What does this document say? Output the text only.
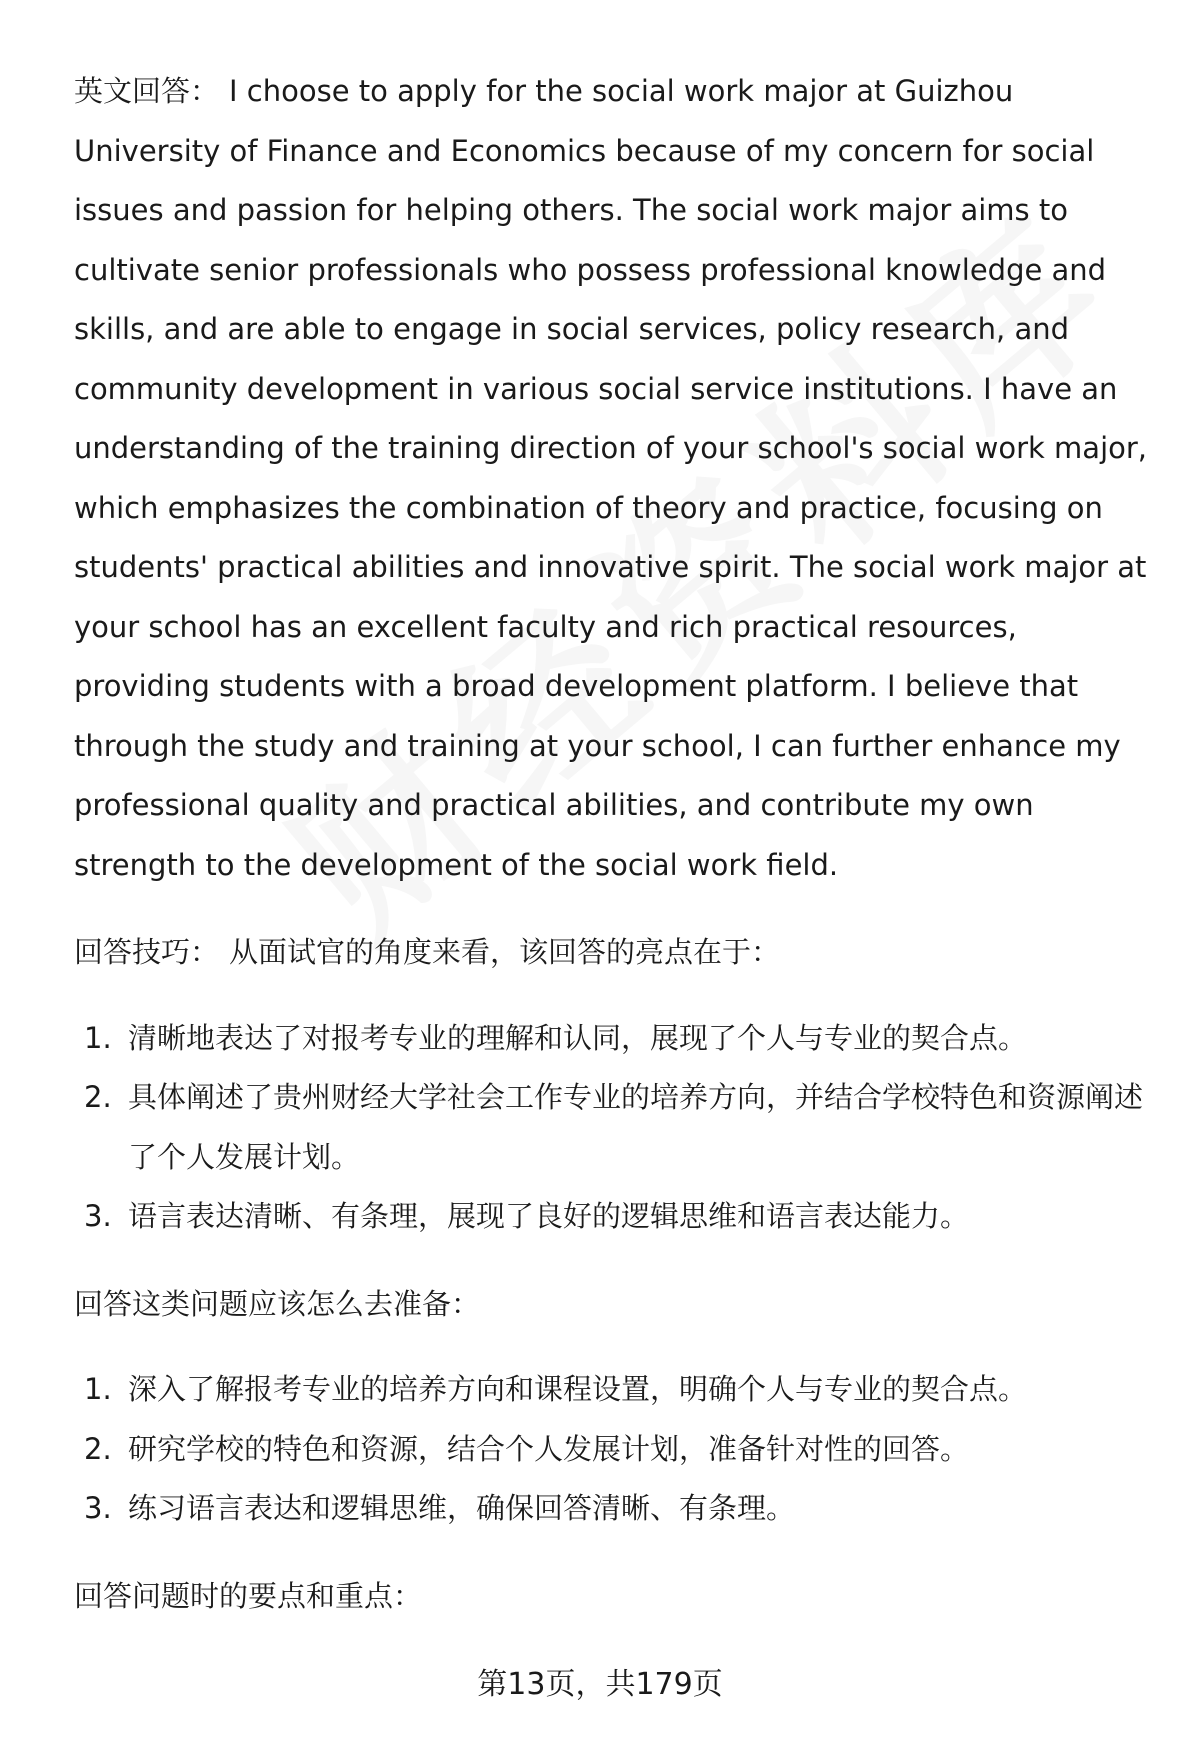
英文回答： I choose to apply for the social work major at Guizhou University of Finance and Economics because of my concern for social issues and passion for helping others. The social work major aims to cultivate senior professionals who possess professional knowledge and skills, and are able to engage in social services, policy research, and community development in various social service institutions. I have an understanding of the training direction of your school's social work major, which emphasizes the combination of theory and practice, focusing on students' practical abilities and innovative spirit. The social work major at your school has an excellent faculty and rich practical resources, providing students with a broad development platform. I believe that through the study and training at your school, I can further enhance my professional quality and practical abilities, and contribute my own strength to the development of the social work field.

回答技巧： 从面试官的角度来看，该回答的亮点在于：

1. 清晰地表达了对报考专业的理解和认同，展现了个人与专业的契合点。
2. 具体阐述了贵州财经大学社会工作专业的培养方向，并结合学校特色和资源阐述了个人发展计划。
3. 语言表达清晰、有条理，展现了良好的逻辑思维和语言表达能力。

回答这类问题应该怎么去准备：

1. 深入了解报考专业的培养方向和课程设置，明确个人与专业的契合点。
2. 研究学校的特色和资源，结合个人发展计划，准备针对性的回答。
3. 练习语言表达和逻辑思维，确保回答清晰、有条理。

回答问题时的要点和重点：

第13页，共179页
